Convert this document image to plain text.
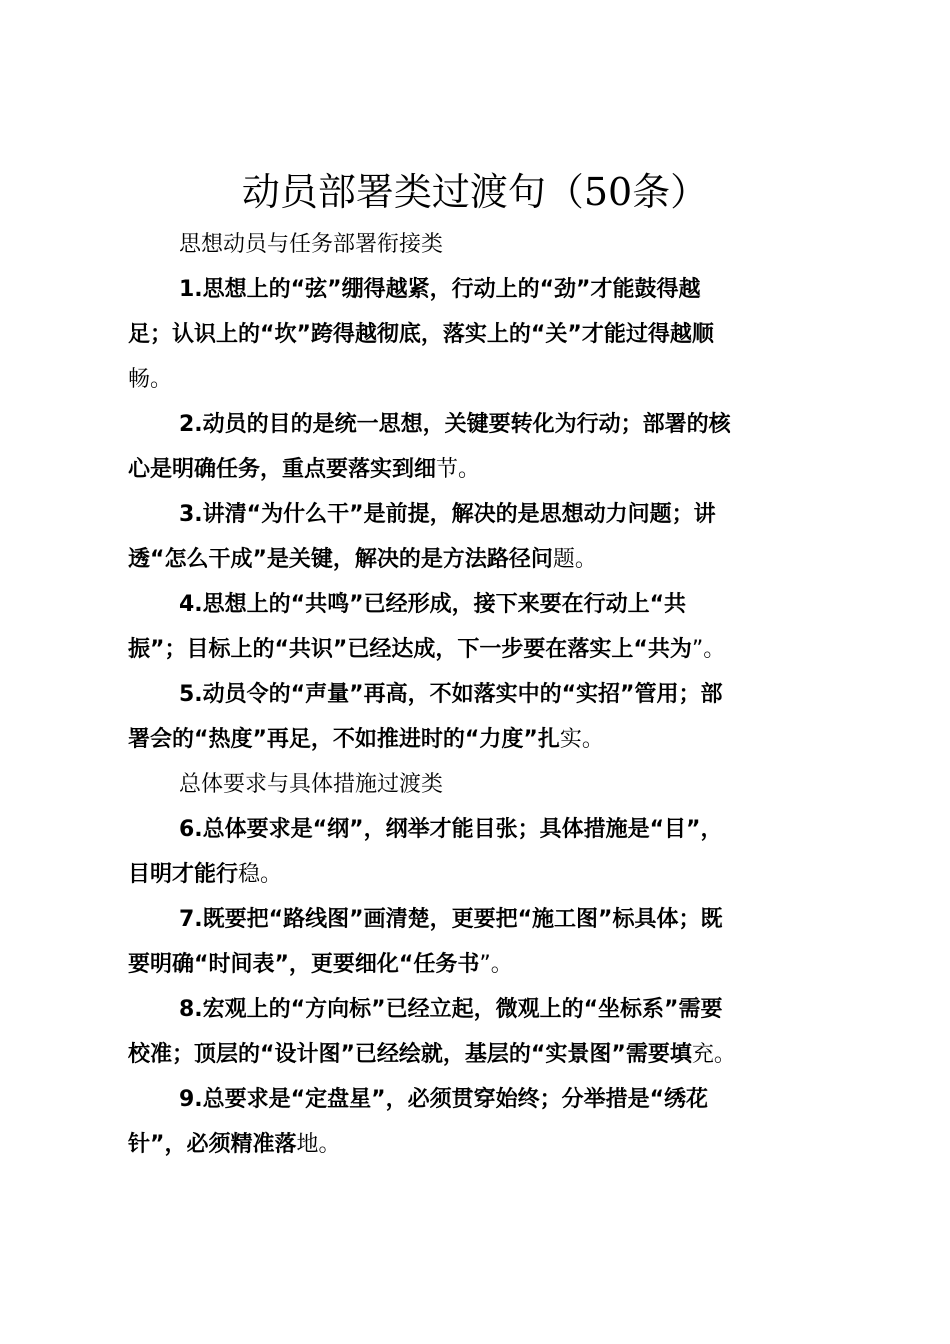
动员部署类过渡句（50条）

思想动员与任务部署衔接类

1.思想上的“弦”绷得越紧，行动上的“劲”才能鼓得越
足；认识上的“坎”跨得越彻底，落实上的“关”才能过得越顺
畅。

2.动员的目的是统一思想，关键要转化为行动；部署的核
心是明确任务，重点要落实到细节。

3.讲清“为什么干”是前提，解决的是思想动力问题；讲
透“怎么干成”是关键，解决的是方法路径问题。

4.思想上的“共鸣”已经形成，接下来要在行动上“共
振”；目标上的“共识”已经达成，下一步要在落实上“共为”。

5.动员令的“声量”再高，不如落实中的“实招”管用；部
署会的“热度”再足，不如推进时的“力度”扎实。

总体要求与具体措施过渡类

6.总体要求是“纲”，纲举才能目张；具体措施是“目”，
目明才能行稳。

7.既要把“路线图”画清楚，更要把“施工图”标具体；既
要明确“时间表”，更要细化“任务书”。

8.宏观上的“方向标”已经立起，微观上的“坐标系”需要
校准；顶层的“设计图”已经绘就，基层的“实景图”需要填充。

9.总要求是“定盘星”，必须贯穿始终；分举措是“绣花
针”，必须精准落地。
